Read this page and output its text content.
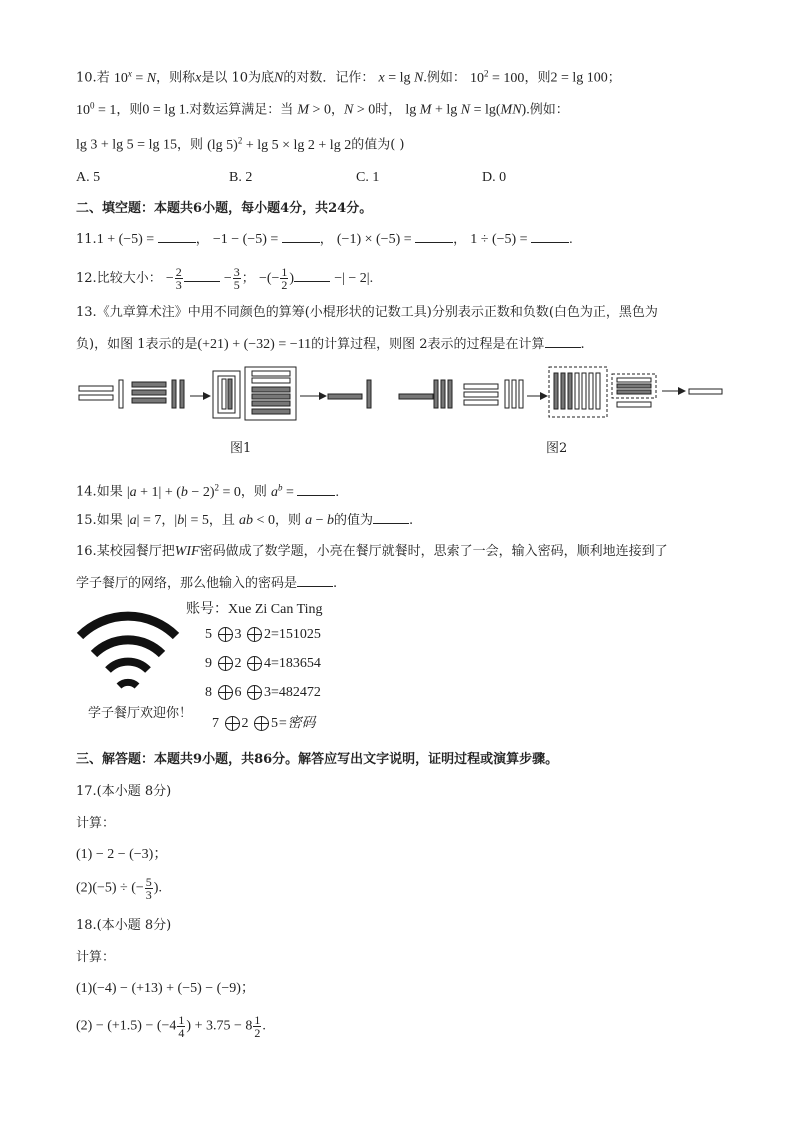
10.若 $10^x = N$，则称x是以 10为底N的对数．记作： x = lg N.例如： $10^2 = 100$，则2 = lg 100；
$10^0 = 1$，则0 = lg 1.对数运算满足：当 M > 0，N > 0时， lg M + lg N = lg(MN).例如：
lg 3 + lg 5 = lg 15，则 (lg 5)$^2$ + lg 5 × lg 2 + lg 2的值为( )
A. 5	B. 2	C. 1	D. 0
二、填空题：本题共6小题，每小题4分，共24分。
11.1 + (−5) =	， −1 − (−5) =	， (−1) × (−5) =	， 1 ÷ (−5) =	.
12.比较大小： − $\frac{2}{3}$	− $\frac{3}{5}$ ； −(− $\frac{1}{2}$ )	−| − 2|.
13.《九章算术注》中用不同颜色的算筹(小棍形状的记数工具)分别表示正数和负数(白色为正，黑色为
负)，如图 1表示的是(+21) + (−32) = −11的计算过程，则图 2表示的过程是在计算	.
图1	图2
14.如果 $|a + 1| + (b - 2)^2 = 0$，则 $a^b$ =	.
15.如果 |a| = 7，|b| = 5，且 ab < 0，则 a − b的值为	.
16.某校园餐厅把WIF密码做成了数学题，小亮在餐厅就餐时，思索了一会，输入密码，顺利地连接到了
学子餐厅的网络，那么他输入的密码是	.
学子餐厅欢迎你！
账号：Xue Zi Can Ting
5 3 2=151025
9 2 4=183654
8 6 3=482472
7 2 5=密码
三、解答题：本题共9小题，共86分。解答应写出文字说明，证明过程或演算步骤。
17.(本小题 8分)
计算：
(1) − 2 − (−3)；
(2)(−5) ÷ (− $\frac{5}{3}$ ).
18.(本小题 8分)
计算：
(1)(−4) − (+13) + (−5) − (−9)；
$(2) - (+1.5) - (-4 \frac{1}{4}$ ) + $3.75 - 8 \frac{1}{2}$ .
